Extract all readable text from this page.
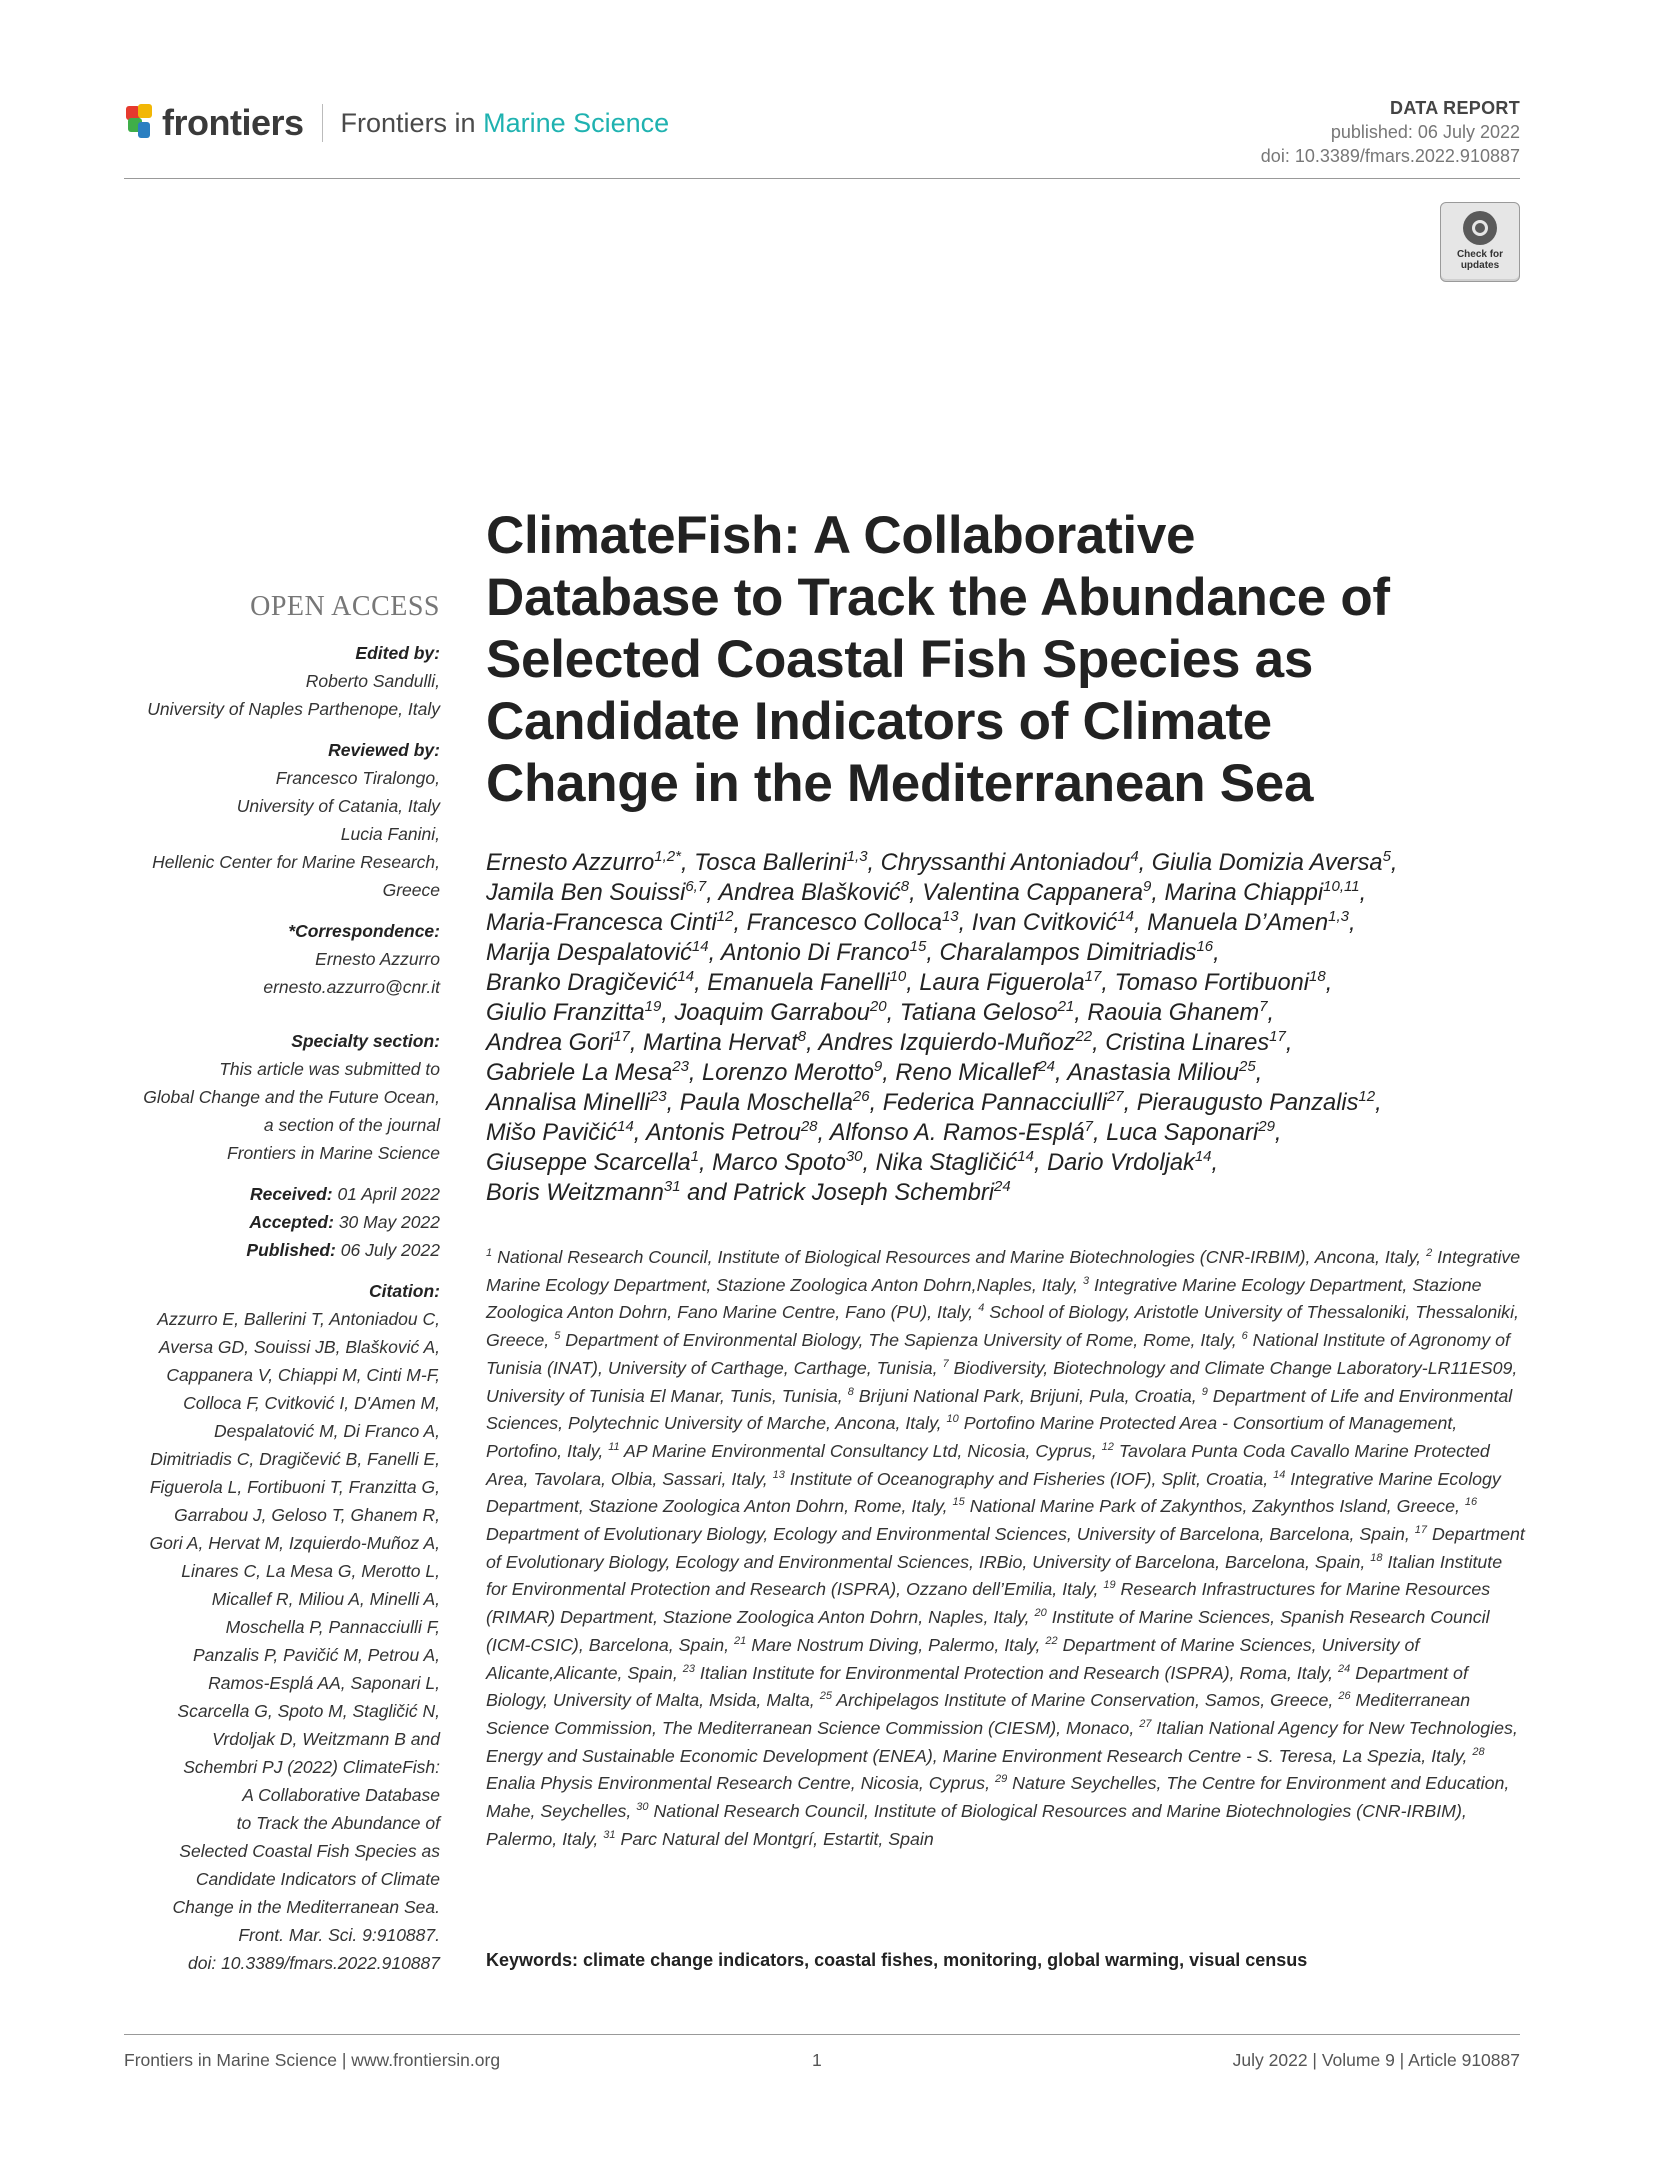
frontiers Frontiers in Marine Science	DATA REPORT
published: 06 July 2022
doi: 10.3389/fmars.2022.910887
Check for updates
OPEN ACCESS
Edited by:
Roberto Sandulli,
University of Naples Parthenope, Italy
Reviewed by:
Francesco Tiralongo,
University of Catania, Italy
Lucia Fanini,
Hellenic Center for Marine Research,
Greece
*Correspondence:
Ernesto Azzurro
ernesto.azzurro@cnr.it
Specialty section:
This article was submitted to
Global Change and the Future Ocean,
a section of the journal
Frontiers in Marine Science
Received: 01 April 2022
Accepted: 30 May 2022
Published: 06 July 2022
Citation:
Azzurro E, Ballerini T, Antoniadou C,
Aversa GD, Souissi JB, Blašković A,
Cappanera V, Chiappi M, Cinti M-F,
Colloca F, Cvitković I, D'Amen M,
Despalatović M, Di Franco A,
Dimitriadis C, Dragičević B, Fanelli E,
Figuerola L, Fortibuoni T, Franzitta G,
Garrabou J, Geloso T, Ghanem R,
Gori A, Hervat M, Izquierdo-Muñoz A,
Linares C, La Mesa G, Merotto L,
Micallef R, Miliou A, Minelli A,
Moschella P, Pannacciulli F,
Panzalis P, Pavičić M, Petrou A,
Ramos-Esplá AA, Saponari L,
Scarcella G, Spoto M, Stagličić N,
Vrdoljak D, Weitzmann B and
Schembri PJ (2022) ClimateFish:
A Collaborative Database
to Track the Abundance of
Selected Coastal Fish Species as
Candidate Indicators of Climate
Change in the Mediterranean Sea.
Front. Mar. Sci. 9:910887.
doi: 10.3389/fmars.2022.910887
ClimateFish: A Collaborative
Database to Track the Abundance of
Selected Coastal Fish Species as
Candidate Indicators of Climate
Change in the Mediterranean Sea
Ernesto Azzurro$^{1,2*}$, Tosca Ballerini$^{1,3}$, Chryssanthi Antoniadou$^4$, Giulia Domizia Aversa$^5$,
Jamila Ben Souissi$^{6,7}$, Andrea Blašković$^8$, Valentina Cappanera$^9$, Marina Chiappi$^{10,11}$,
Maria-Francesca Cinti$^{12}$, Francesco Colloca$^{13}$, Ivan Cvitković$^{14}$, Manuela D’Amen$^{1,3}$,
Marija Despalatović$^{14}$, Antonio Di Franco$^{15}$, Charalampos Dimitriadis$^{16}$,
Branko Dragičević$^{14}$, Emanuela Fanelli$^{10}$, Laura Figuerola$^{17}$, Tomaso Fortibuoni$^{18}$,
Giulio Franzitta$^{19}$, Joaquim Garrabou$^{20}$, Tatiana Geloso$^{21}$, Raouia Ghanem$^7$,
Andrea Gori$^{17}$, Martina Hervat$^8$, Andres Izquierdo-Muñoz$^{22}$, Cristina Linares$^{17}$,
Gabriele La Mesa$^{23}$, Lorenzo Merotto$^9$, Reno Micallef$^{24}$, Anastasia Miliou$^{25}$,
Annalisa Minelli$^{23}$, Paula Moschella$^{26}$, Federica Pannacciulli$^{27}$, Pieraugusto Panzalis$^{12}$,
Mišo Pavičić$^{14}$, Antonis Petrou$^{28}$, Alfonso A. Ramos-Esplá$^7$, Luca Saponari$^{29}$,
Giuseppe Scarcella$^1$, Marco Spoto$^{30}$, Nika Stagličić$^{14}$, Dario Vrdoljak$^{14}$,
Boris Weitzmann$^{31}$ and Patrick Joseph Schembri$^{24}$
$^1$ National Research Council, Institute of Biological Resources and Marine Biotechnologies (CNR-IRBIM), Ancona, Italy, $^2$ Integrative Marine Ecology Department, Stazione Zoologica Anton Dohrn,Naples, Italy, $^3$ Integrative Marine Ecology Department, Stazione Zoologica Anton Dohrn, Fano Marine Centre, Fano (PU), Italy, $^4$ School of Biology, Aristotle University of Thessaloniki, Thessaloniki, Greece, $^5$ Department of Environmental Biology, The Sapienza University of Rome, Rome, Italy, $^6$ National Institute of Agronomy of Tunisia (INAT), University of Carthage, Carthage, Tunisia, $^7$ Biodiversity, Biotechnology and Climate Change Laboratory-LR11ES09, University of Tunisia El Manar, Tunis, Tunisia, $^8$ Brijuni National Park, Brijuni, Pula, Croatia, $^9$ Department of Life and Environmental Sciences, Polytechnic University of Marche, Ancona, Italy, $^{10}$ Portofino Marine Protected Area - Consortium of Management, Portofino, Italy, $^{11}$ AP Marine Environmental Consultancy Ltd, Nicosia, Cyprus, $^{12}$ Tavolara Punta Coda Cavallo Marine Protected Area, Tavolara, Olbia, Sassari, Italy, $^{13}$ Institute of Oceanography and Fisheries (IOF), Split, Croatia, $^{14}$ Integrative Marine Ecology Department, Stazione Zoologica Anton Dohrn, Rome, Italy, $^{15}$ National Marine Park of Zakynthos, Zakynthos Island, Greece, $^{16}$ Department of Evolutionary Biology, Ecology and Environmental Sciences, University of Barcelona, Barcelona, Spain, $^{17}$ Department of Evolutionary Biology, Ecology and Environmental Sciences, IRBio, University of Barcelona, Barcelona, Spain, $^{18}$ Italian Institute for Environmental Protection and Research (ISPRA), Ozzano dell’Emilia, Italy, $^{19}$ Research Infrastructures for Marine Resources (RIMAR) Department, Stazione Zoologica Anton Dohrn, Naples, Italy, $^{20}$ Institute of Marine Sciences, Spanish Research Council (ICM-CSIC), Barcelona, Spain, $^{21}$ Mare Nostrum Diving, Palermo, Italy, $^{22}$ Department of Marine Sciences, University of Alicante,Alicante, Spain, $^{23}$ Italian Institute for Environmental Protection and Research (ISPRA), Roma, Italy, $^{24}$ Department of Biology, University of Malta, Msida, Malta, $^{25}$ Archipelagos Institute of Marine Conservation, Samos, Greece, $^{26}$ Mediterranean Science Commission, The Mediterranean Science Commission (CIESM), Monaco, $^{27}$ Italian National Agency for New Technologies, Energy and Sustainable Economic Development (ENEA), Marine Environment Research Centre - S. Teresa, La Spezia, Italy, $^{28}$ Enalia Physis Environmental Research Centre, Nicosia, Cyprus, $^{29}$ Nature Seychelles, The Centre for Environment and Education, Mahe, Seychelles, $^{30}$ National Research Council, Institute of Biological Resources and Marine Biotechnologies (CNR-IRBIM), Palermo, Italy, $^{31}$ Parc Natural del Montgrí, Estartit, Spain
Keywords: climate change indicators, coastal fishes, monitoring, global warming, visual census
Frontiers in Marine Science | www.frontiersin.org	1	July 2022 | Volume 9 | Article 910887
